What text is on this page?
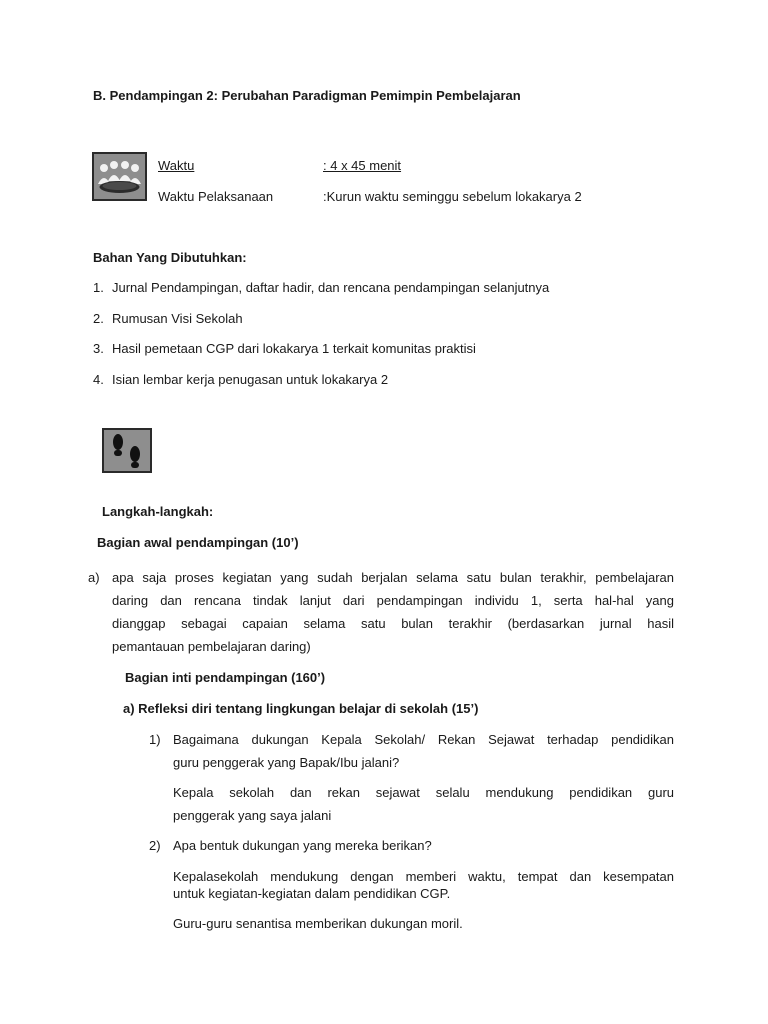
B. Pendampingan 2: Perubahan Paradigman Pemimpin Pembelajaran
Waktu	: 4 x 45 menit
Waktu Pelaksanaan	:Kurun waktu seminggu sebelum lokakarya 2
Bahan Yang Dibutuhkan:
1. Jurnal Pendampingan, daftar hadir, dan rencana pendampingan selanjutnya
2. Rumusan Visi Sekolah
3. Hasil pemetaan CGP dari lokakarya 1 terkait komunitas praktisi
4. Isian lembar kerja penugasan untuk lokakarya 2
Langkah-langkah:
Bagian awal pendampingan (10’)
a) apa saja proses kegiatan yang sudah berjalan selama satu bulan terakhir, pembelajaran
daring dan rencana tindak lanjut dari pendampingan individu 1, serta hal-hal yang
dianggap sebagai capaian selama satu bulan terakhir (berdasarkan jurnal hasil
pemantauan pembelajaran daring)
Bagian inti pendampingan (160’)
a) Refleksi diri tentang lingkungan belajar di sekolah (15’)
1) Bagaimana dukungan Kepala Sekolah/ Rekan Sejawat terhadap pendidikan
guru penggerak yang Bapak/Ibu jalani?
Kepala sekolah dan rekan sejawat selalu mendukung pendidikan guru
penggerak yang saya jalani
2) Apa bentuk dukungan yang mereka berikan?
Kepalasekolah mendukung dengan memberi waktu, tempat dan kesempatan
untuk kegiatan-kegiatan dalam pendidikan CGP.
Guru-guru senantisa memberikan dukungan moril.
